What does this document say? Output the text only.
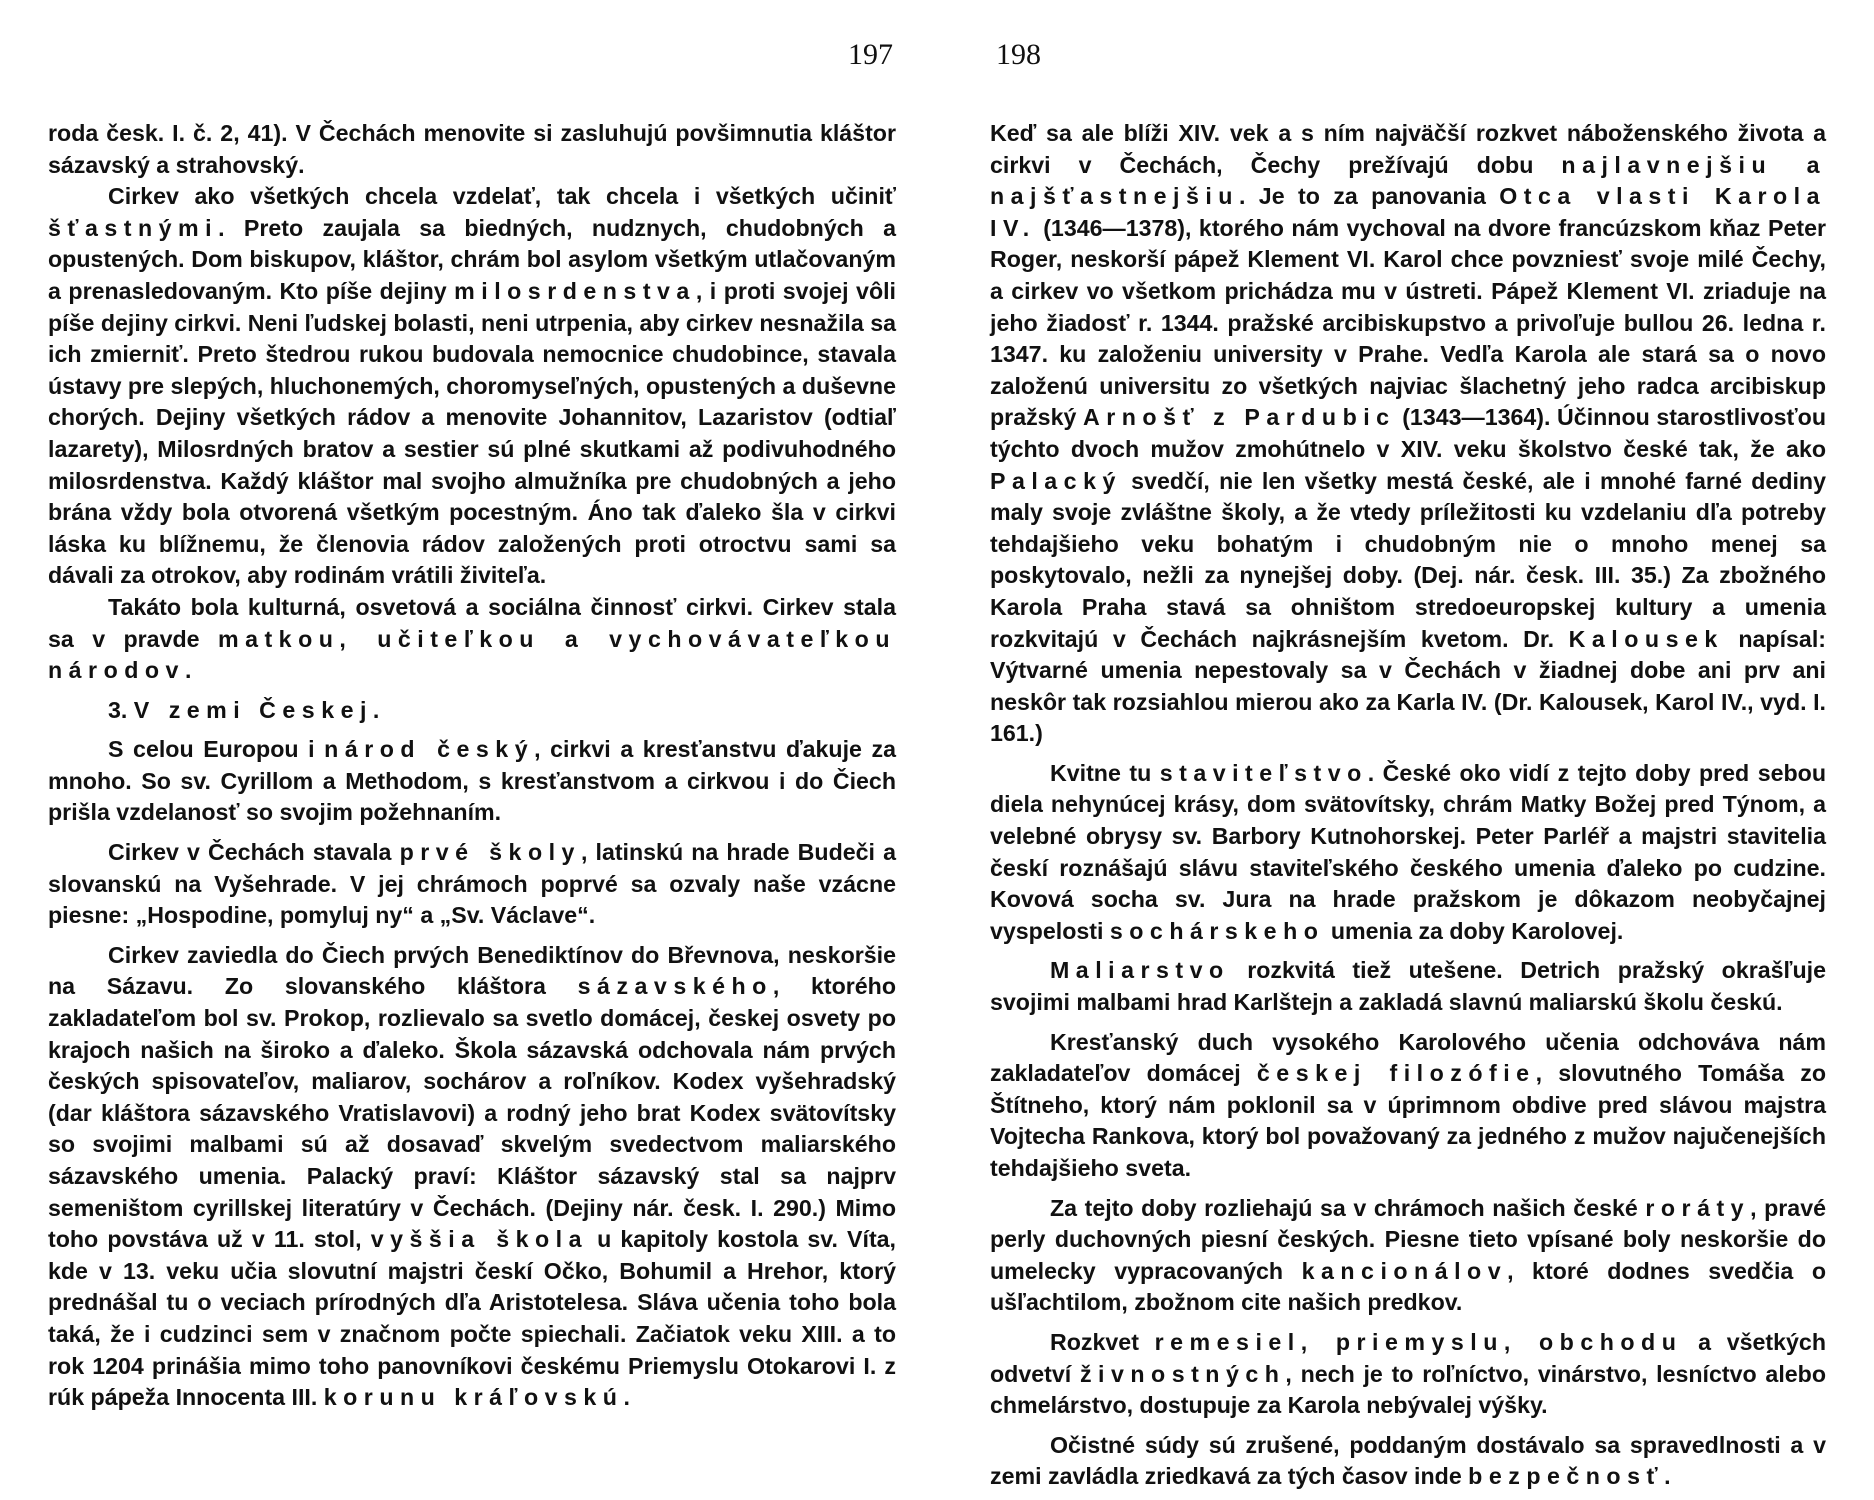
197	198

roda česk. I. č. 2, 41). V Čechách menovite si zasluhujú povšimnutia kláštor sázavský a strahovský.

Cirkev ako všetkých chcela vzdelať, tak chcela i všetkých učiniť šťastnými. Preto zaujala sa biedných, nudznych, chudobných a opustených. Dom biskupov, kláštor, chrám bol asylom všetkým utlačovaným a prenasledovaným. Kto píše dejiny milosrdenstva, i proti svojej vôli píše dejiny cirkvi. Neni ľudskej bolasti, neni utrpenia, aby cirkev nesnažila sa ich zmierniť. Preto štedrou rukou budovala nemocnice chudobince, stavala ústavy pre slepých, hluchonemých, choromyseľných, opustených a duševne chorých. Dejiny všetkých rádov a menovite Johannitov, Lazaristov (odtiaľ lazarety), Milosrdných bratov a sestier sú plné skutkami až podivuhodného milosrdenstva. Každý kláštor mal svojho almužníka pre chudobných a jeho brána vždy bola otvorená všetkým pocestným. Áno tak ďaleko šla v cirkvi láska ku blížnemu, že členovia rádov založených proti otroctvu sami sa dávali za otrokov, aby rodinám vrátili živiteľa.

Takáto bola kulturná, osvetová a sociálna činnosť cirkvi. Cirkev stala sa v pravde matkou, učiteľkou a vychovávateľkou národov.

3. V zemi Českej.

S celou Europou i národ český, cirkvi a kresťanstvu ďakuje za mnoho. So sv. Cyrillom a Methodom, s kresťanstvom a cirkvou i do Čiech prišla vzdelanosť so svojim požehnaním.

Cirkev v Čechách stavala prvé školy, latinskú na hrade Budeči a slovanskú na Vyšehrade. V jej chrámoch poprvé sa ozvaly naše vzácne piesne: „Hospodine, pomyluj ny“ a „Sv. Václave“.

Cirkev zaviedla do Čiech prvých Benediktínov do Břevnova, neskoršie na Sázavu. Zo slovanského kláštora sázavského, ktorého zakladateľom bol sv. Prokop, rozlievalo sa svetlo domácej, českej osvety po krajoch našich na široko a ďaleko. Škola sázavská odchovala nám prvých českých spisovateľov, maliarov, sochárov a roľníkov. Kodex vyšehradský (dar kláštora sázavského Vratislavovi) a rodný jeho brat Kodex svätovítsky so svojimi malbami sú až dosavaď skvelým svedectvom maliarského sázavského umenia. Palacký praví: Kláštor sázavský stal sa najprv semeništom cyrillskej literatúry v Čechách. (Dejiny nár. česk. I. 290.) Mimo toho povstáva už v 11. stol, vyššia škola u kapitoly kostola sv. Víta, kde v 13. veku učia slovutní majstri českí Očko, Bohumil a Hrehor, ktorý prednášal tu o veciach prírodných dľa Aristotelesa. Sláva učenia toho bola taká, že i cudzinci sem v značnom počte spiechali. Začiatok veku XIII. a to rok 1204 prinášia mimo toho panovníkovi českému Priemyslu Otokarovi I. z rúk pápeža Innocenta III. korunu kráľovskú.

Keď sa ale blíži XIV. vek a s ním najväčší rozkvet náboženského života a cirkvi v Čechách, Čechy prežívajú dobu najlavnejšiu a najšťastnejšiu. Je to za panovania Otca vlasti Karola IV. (1346—1378), ktorého nám vychoval na dvore francúzskom kňaz Peter Roger, neskorší pápež Klement VI. Karol chce povzniesť svoje milé Čechy, a cirkev vo všetkom prichádza mu v ústreti. Pápež Klement VI. zriaduje na jeho žiadosť r. 1344. pražské arcibiskupstvo a privoľuje bullou 26. ledna r. 1347. ku založeniu university v Prahe. Vedľa Karola ale stará sa o novo založenú universitu zo všetkých najviac šlachetný jeho radca arcibiskup pražský Arnošť z Pardubic (1343—1364). Účinnou starostlivosťou týchto dvoch mužov zmohútnelo v XIV. veku školstvo české tak, že ako Palacký svedčí, nie len všetky mestá české, ale i mnohé farné dediny maly svoje zvláštne školy, a že vtedy príležitosti ku vzdelaniu dľa potreby tehdajšieho veku bohatým i chudobným nie o mnoho menej sa poskytovalo, nežli za nynejšej doby. (Dej. nár. česk. III. 35.) Za zbožného Karola Praha stavá sa ohništom stredoeuropskej kultury a umenia rozkvitajú v Čechách najkrásnejším kvetom. Dr. Kalousek napísal: Výtvarné umenia nepestovaly sa v Čechách v žiadnej dobe ani prv ani neskôr tak rozsiahlou mierou ako za Karla IV. (Dr. Kalousek, Karol IV., vyd. I. 161.)

Kvitne tu staviteľstvo. České oko vidí z tejto doby pred sebou diela nehynúcej krásy, dom svätovítsky, chrám Matky Božej pred Týnom, a velebné obrysy sv. Barbory Kutnohorskej. Peter Parléř a majstri stavitelia českí roznášajú slávu staviteľského českého umenia ďaleko po cudzine. Kovová socha sv. Jura na hrade pražskom je dôkazom neobyčajnej vyspelosti sochárskeho umenia za doby Karolovej.

Maliarstvo rozkvitá tiež utešene. Detrich pražský okrašľuje svojimi malbami hrad Karlštejn a zakladá slavnú maliarskú školu českú.

Kresťanský duch vysokého Karolového učenia odchováva nám zakladateľov domácej českej filozófie, slovutného Tomáša zo Štítneho, ktorý nám poklonil sa v úprimnom obdive pred slávou majstra Vojtecha Rankova, ktorý bol považovaný za jedného z mužov najučenejších tehdajšieho sveta.

Za tejto doby rozliehajú sa v chrámoch našich české roráty, pravé perly duchovných piesní českých. Piesne tieto vpísané boly neskoršie do umelecky vypracovaných kancionálov, ktoré dodnes svedčia o ušľachtilom, zbožnom cite našich predkov.

Rozkvet remesiel, priemyslu, obchodu a všetkých odvetví živnostných, nech je to roľníctvo, vinárstvo, lesníctvo alebo chmelárstvo, dostupuje za Karola nebývalej výšky.

Očistné súdy sú zrušené, poddaným dostávalo sa spravedlnosti a v zemi zavládla zriedkavá za tých časov inde bezpečnosť.
